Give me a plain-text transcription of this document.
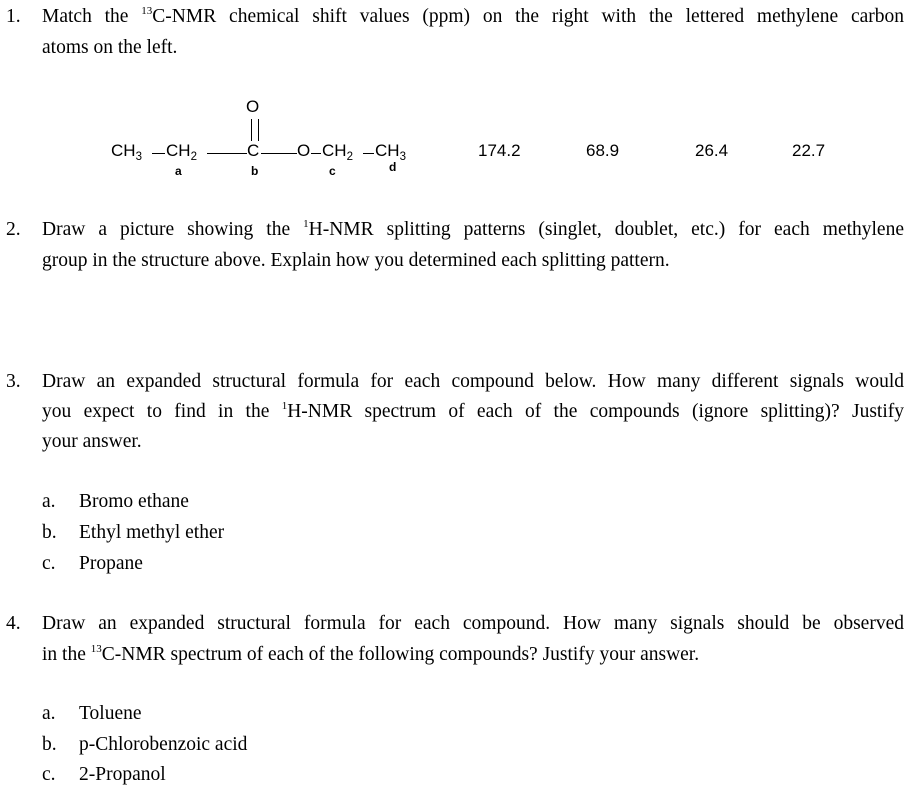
1. Match the $^{13}$C-NMR chemical shift values (ppm) on the right with the lettered methylene carbon
atoms on the left.
$CH_3$ $CH_2$	C
O
O $CH_2$ $CH_3$
a	b	c	d
174.2	68.9	26.4	22.7
2. Draw a picture showing the $^1$H-NMR splitting patterns (singlet, doublet, etc.) for each methylene
group in the structure above. Explain how you determined each splitting pattern.
3. Draw an expanded structural formula for each compound below. How many different signals would
you expect to find in the $^1$H-NMR spectrum of each of the compounds (ignore splitting)? Justify
your answer.
a. Bromo ethane
b. Ethyl methyl ether
c. Propane
4. Draw an expanded structural formula for each compound. How many signals should be observed
in the $^{13}$C-NMR spectrum of each of the following compounds? Justify your answer.
a. Toluene
b. p-Chlorobenzoic acid
c. 2-Propanol
